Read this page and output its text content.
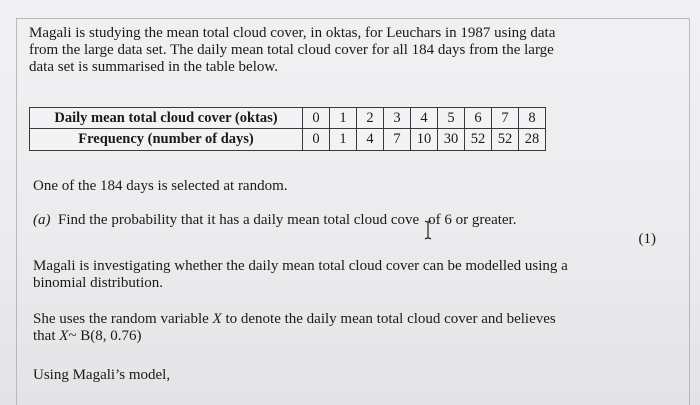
Magali is studying the mean total cloud cover, in oktas, for Leuchars in 1987 using data
from the large data set. The daily mean total cloud cover for all 184 days from the large
data set is summarised in the table below.
Daily mean total cloud cover (oktas)	0	1	2	3	4	5	6	7	8
Frequency (number of days)	0	1	4	7	10	30	52	52	28
One of the 184 days is selected at random.
(a) Find the probability that it has a daily mean total cloud cove of 6 or greater.
(1)
Magali is investigating whether the daily mean total cloud cover can be modelled using a
binomial distribution.
She uses the random variable X to denote the daily mean total cloud cover and believes
that X~ B(8, 0.76)
Using Magali’s model,
